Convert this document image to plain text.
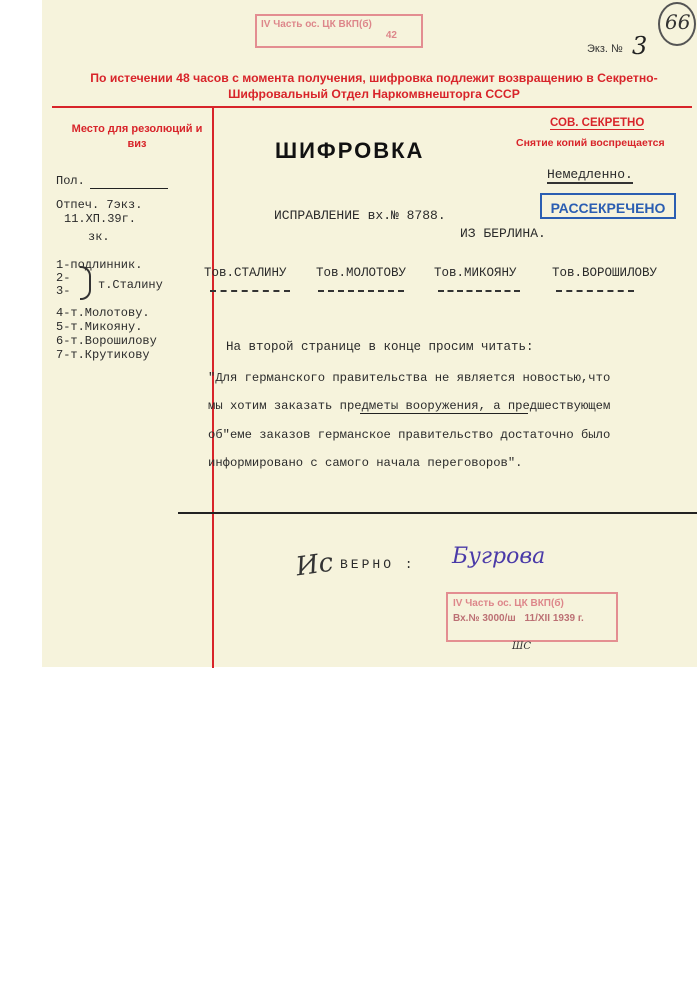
66
IV Часть ос. ЦК ВКП(б)
42
Экз. № 3
По истечении 48 часов с момента получения, шифровка подлежит возвращению в Секретно-Шифровальный Отдел Наркомвнешторга СССР
Место для резолюций и виз	ШИФРОВКА
СОВ. СЕКРЕТНО
Снятие копий воспрещается
Немедленно.
РАССЕКРЕЧЕНО
Пол.
Отпеч. 7экз.
11.ХП.39г.
зк.
1-подлинник.
2-
3- т.Сталину
4-т.Молотову.
5-т.Микояну.
6-т.Ворошилову
7-т.Крутикову
ИСПРАВЛЕНИЕ вх.№ 8788.
ИЗ БЕРЛИНА.
Тов.СТАЛИНУ Тов.МОЛОТОВУ Тов.МИКОЯНУ	Тов.ВОРОШИЛОВУ
На второй странице в конце просим читать:
"Для германского правительства не является новостью,что
мы хотим заказать предметы вооружения, а предшествующем
об"еме заказов германское правительство достаточно было
информировано с самого начала переговоров".
Ис ВЕРНО : Бугрова
IV Часть ос. ЦК ВКП(б)
Вх.№ 3000/ш 11/XII 1939 г.
ШС
